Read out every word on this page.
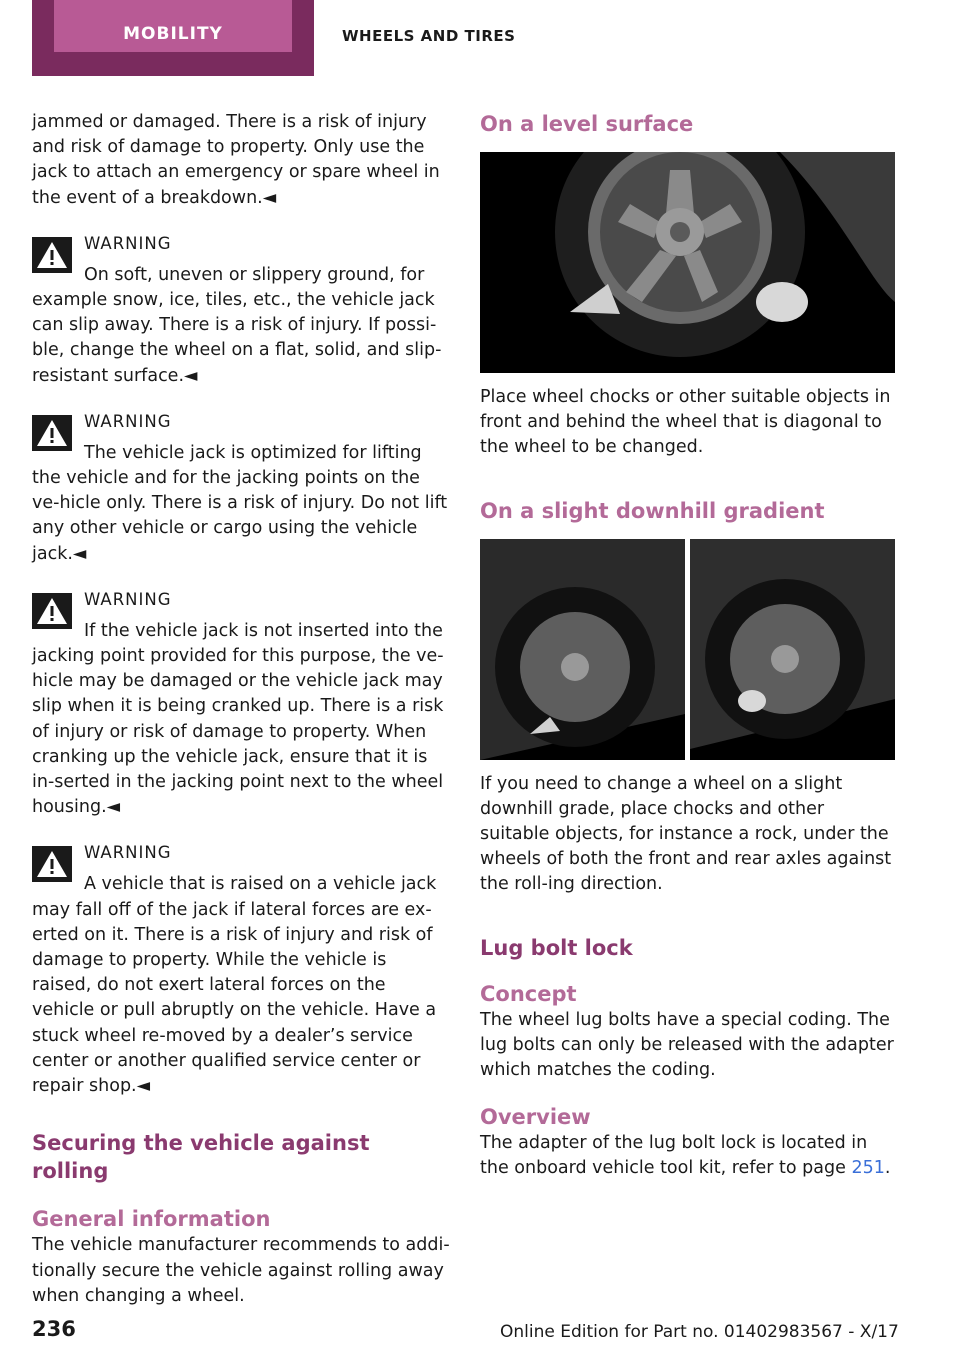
MOBILITY	WHEELS AND TIRES

jammed or damaged. There is a risk of injury and risk of damage to property. Only use the jack to attach an emergency or spare wheel in the event of a breakdown.◄

WARNING

On soft, uneven or slippery ground, for example snow, ice, tiles, etc., the vehicle jack can slip away. There is a risk of injury. If possi-ble, change the wheel on a flat, solid, and slip-resistant surface.◄

WARNING

The vehicle jack is optimized for lifting the vehicle and for the jacking points on the ve-hicle only. There is a risk of injury. Do not lift any other vehicle or cargo using the vehicle jack.◄

WARNING

If the vehicle jack is not inserted into the jacking point provided for this purpose, the ve-hicle may be damaged or the vehicle jack may slip when it is being cranked up. There is a risk of injury or risk of damage to property. When cranking up the vehicle jack, ensure that it is in-serted in the jacking point next to the wheel housing.◄

WARNING

A vehicle that is raised on a vehicle jack may fall off of the jack if lateral forces are ex-erted on it. There is a risk of injury and risk of damage to property. While the vehicle is raised, do not exert lateral forces on the vehicle or pull abruptly on the vehicle. Have a stuck wheel re-moved by a dealer’s service center or another qualified service center or repair shop.◄

Securing the vehicle against rolling
General information

The vehicle manufacturer recommends to addi-tionally secure the vehicle against rolling away when changing a wheel.

On a level surface

Place wheel chocks or other suitable objects in front and behind the wheel that is diagonal to the wheel to be changed.

On a slight downhill gradient

If you need to change a wheel on a slight downhill grade, place chocks and other suitable objects, for instance a rock, under the wheels of both the front and rear axles against the roll-ing direction.

Lug bolt lock
Concept

The wheel lug bolts have a special coding. The lug bolts can only be released with the adapter which matches the coding.

Overview

The adapter of the lug bolt lock is located in the onboard vehicle tool kit, refer to page 251.

236	Online Edition for Part no. 01402983567 - X/17
